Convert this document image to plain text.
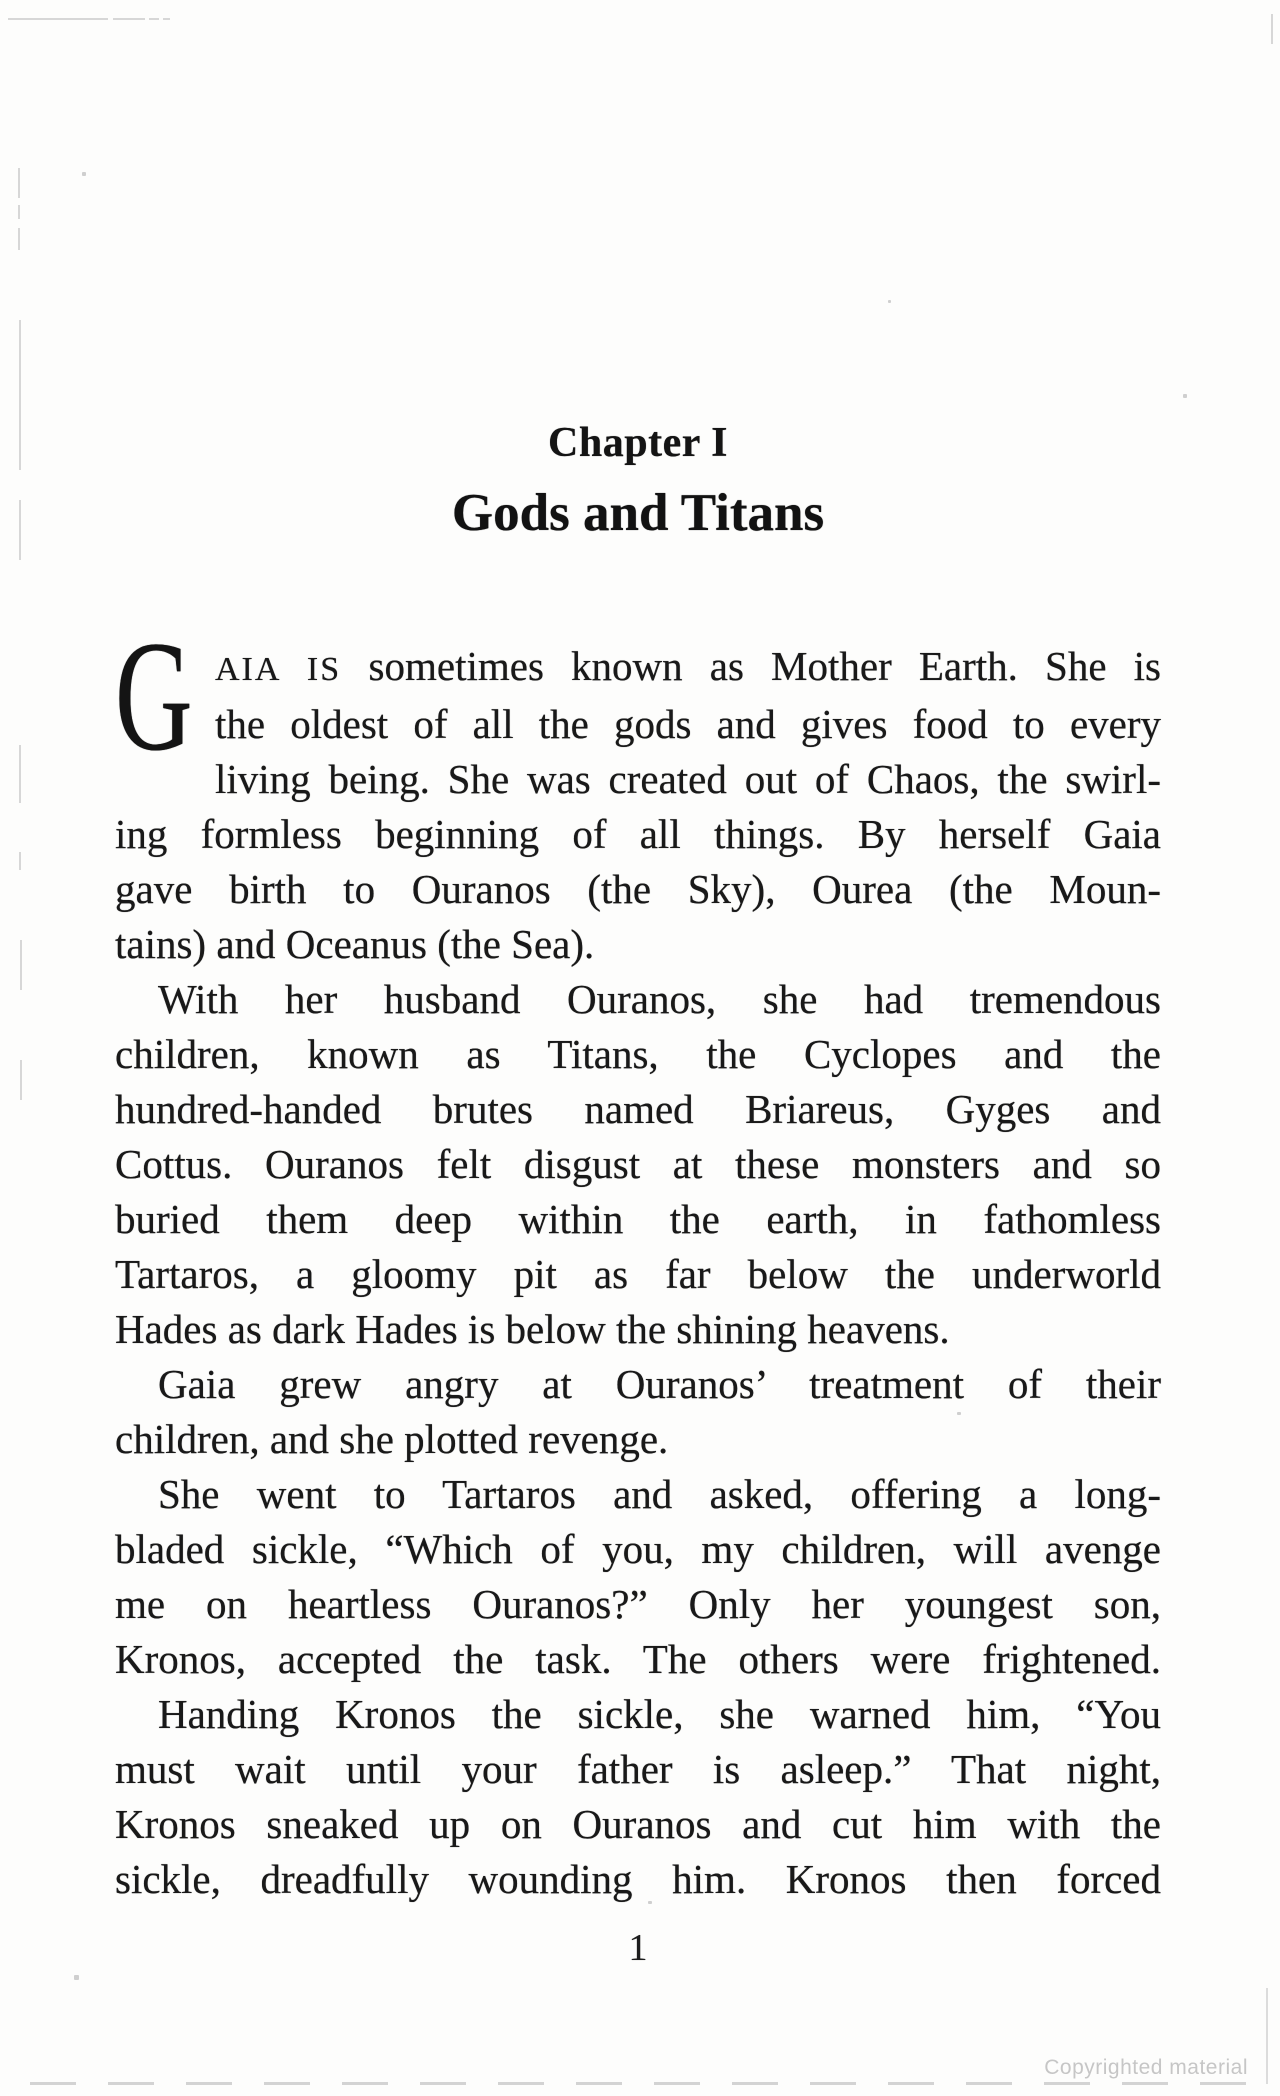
Chapter I
Gods and Titans
G AIA IS sometimes known as Mother Earth. She is
the oldest of all the gods and gives food to every
living being. She was created out of Chaos, the swirl-
ing formless beginning of all things. By herself Gaia
gave birth to Ouranos (the Sky), Ourea (the Moun-
tains) and Oceanus (the Sea).
With her husband Ouranos, she had tremendous
children, known as Titans, the Cyclopes and the
hundred-handed brutes named Briareus, Gyges and
Cottus. Ouranos felt disgust at these monsters and so
buried them deep within the earth, in fathomless
Tartaros, a gloomy pit as far below the underworld
Hades as dark Hades is below the shining heavens.
Gaia grew angry at Ouranos’ treatment of their
children, and she plotted revenge.
She went to Tartaros and asked, offering a long-
bladed sickle, “Which of you, my children, will avenge
me on heartless Ouranos?” Only her youngest son,
Kronos, accepted the task. The others were frightened.
Handing Kronos the sickle, she warned him, “You
must wait until your father is asleep.” That night,
Kronos sneaked up on Ouranos and cut him with the
sickle, dreadfully wounding him. Kronos then forced
1
Copyrighted material
